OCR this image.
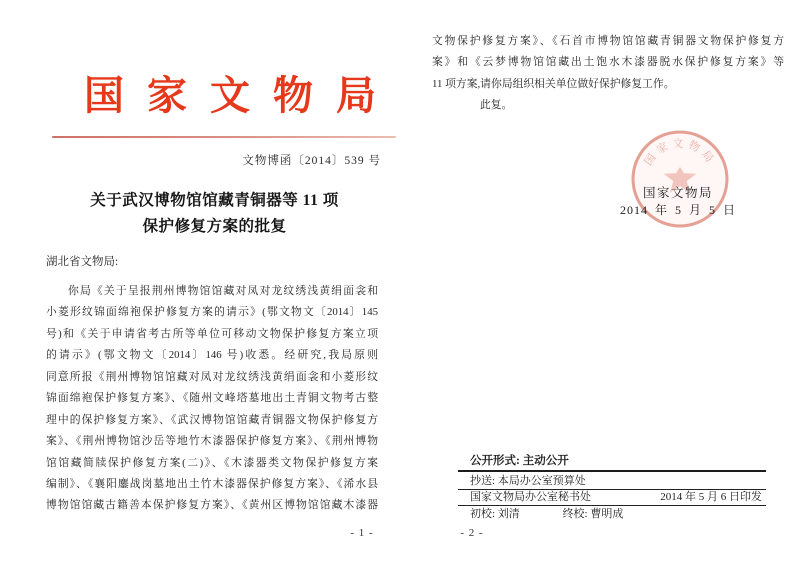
国家文物局
文物博函〔2014〕539 号
关于武汉博物馆馆藏青铜器等 11 项
保护修复方案的批复
湖北省文物局:
你局《关于呈报荆州博物馆馆藏对凤对龙纹绣浅黄绢面衾和
小菱形纹锦面绵袍保护修复方案的请示》(鄂文物文〔2014〕145
号)和《关于申请省考古所等单位可移动文物保护修复方案立项
的请示》(鄂文物文〔2014〕146 号)收悉。经研究,我局原则
同意所报《荆州博物馆馆藏对凤对龙纹绣浅黄绢面衾和小菱形纹
锦面绵袍保护修复方案》、《随州文峰塔墓地出土青铜文物考古整
理中的保护修复方案》、《武汉博物馆馆藏青铜器文物保护修复方
案》、《荆州博物馆沙岳等地竹木漆器保护修复方案》、《荆州博物
馆馆藏简牍保护修复方案(二)》、《木漆器类文物保护修复方案
编制》、《襄阳鏖战岗墓地出土竹木漆器保护修复方案》、《浠水县
博物馆馆藏古籍善本保护修复方案》、《黄州区博物馆馆藏木漆器
- 1 -
文物保护修复方案》、《石首市博物馆馆藏青铜器文物保护修复方
案》和《云梦博物馆馆藏出土饱水木漆器脱水保护修复方案》等
11 项方案,请你局组织相关单位做好保护修复工作。
此复。
国家文物局
国家文物局
2014 年 5 月 5 日
公开形式: 主动公开
抄送: 本局办公室预算处
2014 年 5 月 6 日印发
国家文物局办公室秘书处
初校: 刘清	终校: 曹明成
- 2 -
